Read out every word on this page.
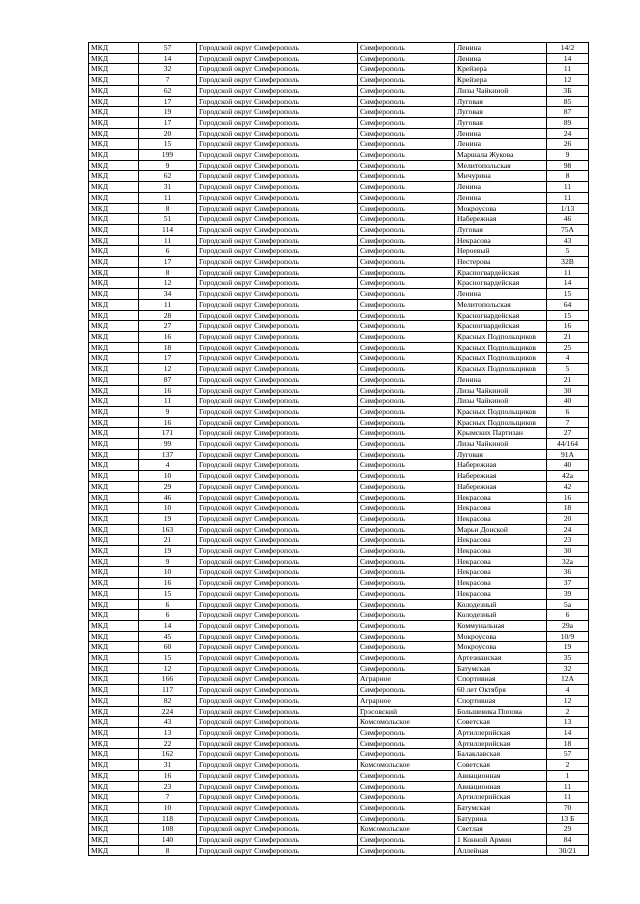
МКД	57	Городской округ Симферополь	Симферополь	Ленина	14/2
МКД	14	Городской округ Симферополь	Симферополь	Ленина	14
МКД	32	Городской округ Симферополь	Симферополь	Крейзера	11
МКД	7	Городской округ Симферополь	Симферополь	Крейзера	12
МКД	62	Городской округ Симферополь	Симферополь	Лизы Чайкиной	3Б
МКД	17	Городской округ Симферополь	Симферополь	Луговая	85
МКД	19	Городской округ Симферополь	Симферополь	Луговая	87
МКД	17	Городской округ Симферополь	Симферополь	Луговая	89
МКД	20	Городской округ Симферополь	Симферополь	Ленина	24
МКД	15	Городской округ Симферополь	Симферополь	Ленина	26
МКД	199	Городской округ Симферополь	Симферополь	Маршала Жукова	9
МКД	9	Городской округ Симферополь	Симферополь	Мелитопольская	98
МКД	62	Городской округ Симферополь	Симферополь	Мичурина	8
МКД	31	Городской округ Симферополь	Симферополь	Ленина	11
МКД	11	Городской округ Симферополь	Симферополь	Ленина	11
МКД	8	Городской округ Симферополь	Симферополь	Мокроусова	1/13
МКД	51	Городской округ Симферополь	Симферополь	Набережная	46
МКД	114	Городской округ Симферополь	Симферополь	Луговая	75А
МКД	11	Городской округ Симферополь	Симферополь	Некрасова	43
МКД	6	Городской округ Симферополь	Симферополь	Нероевый	5
МКД	17	Городской округ Симферополь	Симферополь	Нестерова	32В
МКД	8	Городской округ Симферополь	Симферополь	Красногвардейская	11
МКД	12	Городской округ Симферополь	Симферополь	Красногвардейская	14
МКД	34	Городской округ Симферополь	Симферополь	Ленина	15
МКД	11	Городской округ Симферополь	Симферополь	Мелитопольская	64
МКД	28	Городской округ Симферополь	Симферополь	Красногвардейская	15
МКД	27	Городской округ Симферополь	Симферополь	Красногвардейская	16
МКД	16	Городской округ Симферополь	Симферополь	Красных Подпольщиков	21
МКД	18	Городской округ Симферополь	Симферополь	Красных Подпольщиков	25
МКД	17	Городской округ Симферополь	Симферополь	Красных Подпольщиков	4
МКД	12	Городской округ Симферополь	Симферополь	Красных Подпольщиков	5
МКД	87	Городской округ Симферополь	Симферополь	Ленина	21
МКД	16	Городской округ Симферополь	Симферополь	Лизы Чайкиной	30
МКД	11	Городской округ Симферополь	Симферополь	Лизы Чайкиной	40
МКД	9	Городской округ Симферополь	Симферополь	Красных Подпольщиков	6
МКД	16	Городской округ Симферополь	Симферополь	Красных Подпольщиков	7
МКД	171	Городской округ Симферополь	Симферополь	Крымских Партизан	27
МКД	99	Городской округ Симферополь	Симферополь	Лизы Чайкиной	44/164
МКД	137	Городской округ Симферополь	Симферополь	Луговая	91А
МКД	4	Городской округ Симферополь	Симферополь	Набережная	40
МКД	10	Городской округ Симферополь	Симферополь	Набережная	42а
МКД	29	Городской округ Симферополь	Симферополь	Набережная	42
МКД	46	Городской округ Симферополь	Симферополь	Некрасова	16
МКД	10	Городской округ Симферополь	Симферополь	Некрасова	18
МКД	19	Городской округ Симферополь	Симферополь	Некрасова	20
МКД	163	Городской округ Симферополь	Симферополь	Марьи Донской	24
МКД	21	Городской округ Симферополь	Симферополь	Некрасова	23
МКД	19	Городской округ Симферополь	Симферополь	Некрасова	30
МКД	9	Городской округ Симферополь	Симферополь	Некрасова	32а
МКД	10	Городской округ Симферополь	Симферополь	Некрасова	36
МКД	16	Городской округ Симферополь	Симферополь	Некрасова	37
МКД	15	Городской округ Симферополь	Симферополь	Некрасова	39
МКД	6	Городской округ Симферополь	Симферополь	Колодезный	5а
МКД	6	Городской округ Симферополь	Симферополь	Колодезный	6
МКД	14	Городской округ Симферополь	Симферополь	Коммунальная	29а
МКД	45	Городской округ Симферополь	Симферополь	Мокроусова	10/9
МКД	60	Городской округ Симферополь	Симферополь	Мокроусова	19
МКД	15	Городской округ Симферополь	Симферополь	Артезианская	35
МКД	12	Городской округ Симферополь	Симферополь	Батумская	32
МКД	166	Городской округ Симферополь	Аграрное	Спортивная	12А
МКД	117	Городской округ Симферополь	Симферополь	60 лет Октября	4
МКД	82	Городской округ Симферополь	Аграрное	Спортивная	12
МКД	224	Городской округ Симферополь	Грэсовский	Большевика Попова	2
МКД	43	Городской округ Симферополь	Комсомольское	Советская	13
МКД	13	Городской округ Симферополь	Симферополь	Артиллерийская	14
МКД	22	Городской округ Симферополь	Симферополь	Артиллерийская	18
МКД	162	Городской округ Симферополь	Симферополь	Балаклавская	57
МКД	31	Городской округ Симферополь	Комсомольское	Советская	2
МКД	16	Городской округ Симферополь	Симферополь	Авиационная	1
МКД	23	Городской округ Симферополь	Симферополь	Авиационная	11
МКД	7	Городской округ Симферополь	Симферополь	Артиллерийская	11
МКД	10	Городской округ Симферополь	Симферополь	Батумская	70
МКД	118	Городской округ Симферополь	Симферополь	Батурина	13 Б
МКД	108	Городской округ Симферополь	Комсомольское	Светлая	29
МКД	140	Городской округ Симферополь	Симферополь	1 Конной Армии	84
МКД	8	Городской округ Симферополь	Симферополь	Аллейная	30/21
